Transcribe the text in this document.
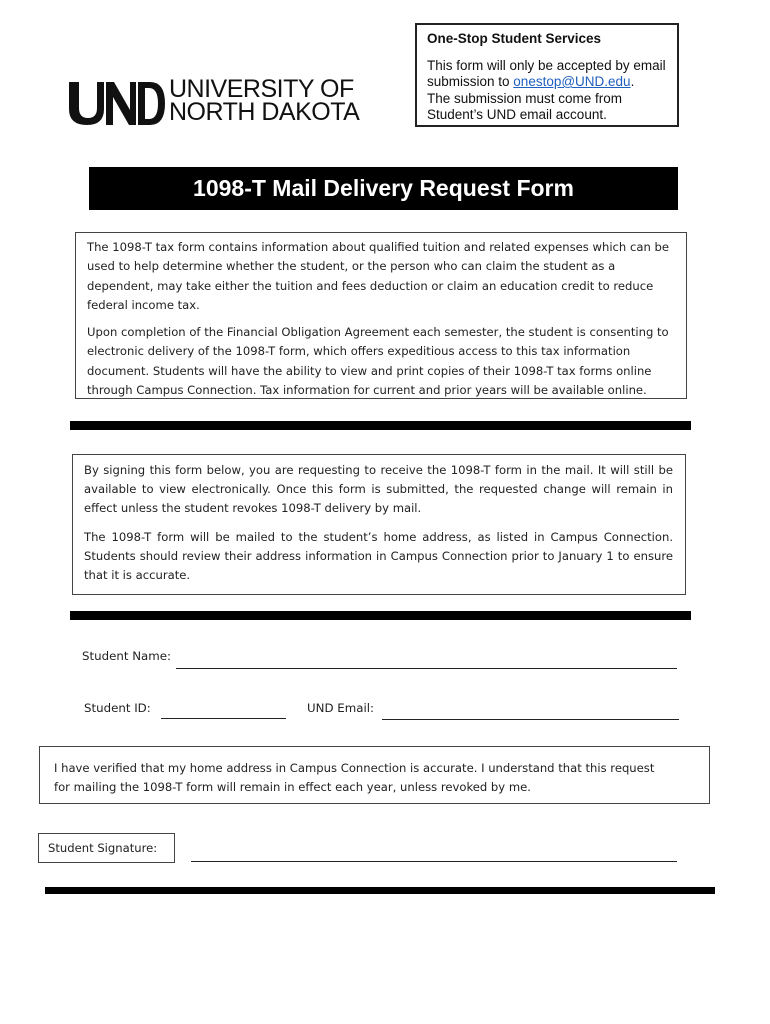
UNIVERSITY OF
NORTH DAKOTA
One-Stop Student Services
This form will only be accepted by email
submission to onestop@UND.edu.
The submission must come from
Student’s UND email account.
1098-T Mail Delivery Request Form

The 1098-T tax form contains information about qualified tuition and related expenses which can be used to help determine whether the student, or the person who can claim the student as a dependent, may take either the tuition and fees deduction or claim an education credit to reduce federal income tax.

Upon completion of the Financial Obligation Agreement each semester, the student is consenting to electronic delivery of the 1098-T form, which offers expeditious access to this tax information document. Students will have the ability to view and print copies of their 1098-T tax forms online through Campus Connection. Tax information for current and prior years will be available online.

By signing this form below, you are requesting to receive the 1098-T form in the mail. It will still be available to view electronically. Once this form is submitted, the requested change will remain in effect unless the student revokes 1098-T delivery by mail.

The 1098-T form will be mailed to the student’s home address, as listed in Campus Connection. Students should review their address information in Campus Connection prior to January 1 to ensure that it is accurate.

Student Name:
Student ID:	UND Email:

I have verified that my home address in Campus Connection is accurate. I understand that this request

for mailing the 1098-T form will remain in effect each year, unless revoked by me.

Student Signature:
